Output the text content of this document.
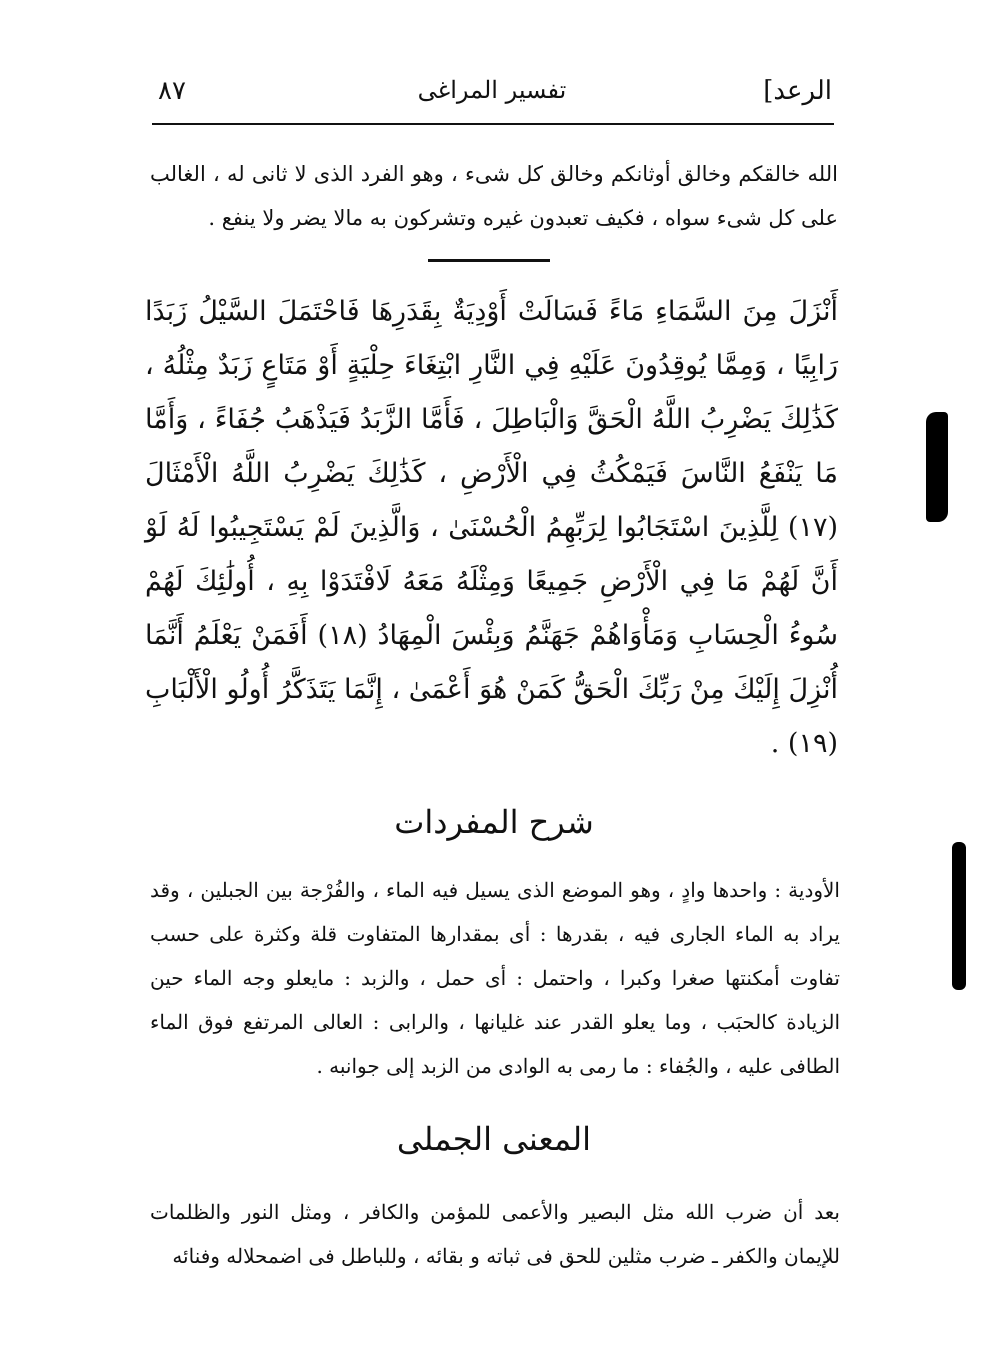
الرعد]
تفسير المراغى
٨٧
الله خالقكم وخالق أوثانكم وخالق كل شىء ، وهو الفرد الذى لا ثانى له ، الغالب على كل شىء سواه ، فكيف تعبدون غيره وتشركون به مالا يضر ولا ينفع .
أَنْزَلَ مِنَ السَّمَاءِ مَاءً فَسَالَتْ أَوْدِيَةٌ بِقَدَرِهَا فَاحْتَمَلَ السَّيْلُ زَبَدًا رَابِيًا ، وَمِمَّا يُوقِدُونَ عَلَيْهِ فِي النَّارِ ابْتِغَاءَ حِلْيَةٍ أَوْ مَتَاعٍ زَبَدٌ مِثْلُهُ ، كَذَٰلِكَ يَضْرِبُ اللَّهُ الْحَقَّ وَالْبَاطِلَ ، فَأَمَّا الزَّبَدُ فَيَذْهَبُ جُفَاءً ، وَأَمَّا مَا يَنْفَعُ النَّاسَ فَيَمْكُثُ فِي الْأَرْضِ ، كَذَٰلِكَ يَضْرِبُ اللَّهُ الْأَمْثَالَ (١٧) لِلَّذِينَ اسْتَجَابُوا لِرَبِّهِمُ الْحُسْنَىٰ ، وَالَّذِينَ لَمْ يَسْتَجِيبُوا لَهُ لَوْ أَنَّ لَهُمْ مَا فِي الْأَرْضِ جَمِيعًا وَمِثْلَهُ مَعَهُ لَافْتَدَوْا بِهِ ، أُولَٰئِكَ لَهُمْ سُوءُ الْحِسَابِ وَمَأْوَاهُمْ جَهَنَّمُ وَبِئْسَ الْمِهَادُ (١٨) أَفَمَنْ يَعْلَمُ أَنَّمَا أُنْزِلَ إِلَيْكَ مِنْ رَبِّكَ الْحَقُّ كَمَنْ هُوَ أَعْمَىٰ ، إِنَّمَا يَتَذَكَّرُ أُولُو الْأَلْبَابِ (١٩) .
شرح المفردات
الأودية : واحدها وادٍ ، وهو الموضع الذى يسيل فيه الماء ، والفُرْجة بين الجبلين ، وقد يراد به الماء الجارى فيه ، بقدرها : أى بمقدارها المتفاوت قلة وكثرة على حسب تفاوت أمكنتها صغرا وكبرا ، واحتمل : أى حمل ، والزبد : مايعلو وجه الماء حين الزيادة كالحبَب ، وما يعلو القدر عند غليانها ، والرابى : العالى المرتفع فوق الماء الطافى عليه ، والجُفاء : ما رمى به الوادى من الزبد إلى جوانبه .
المعنى الجملى
بعد أن ضرب الله مثل البصير والأعمى للمؤمن والكافر ، ومثل النور والظلمات للإيمان والكفر ـ ضرب مثلين للحق فى ثباته و بقائه ، وللباطل فى اضمحلاله وفنائه
